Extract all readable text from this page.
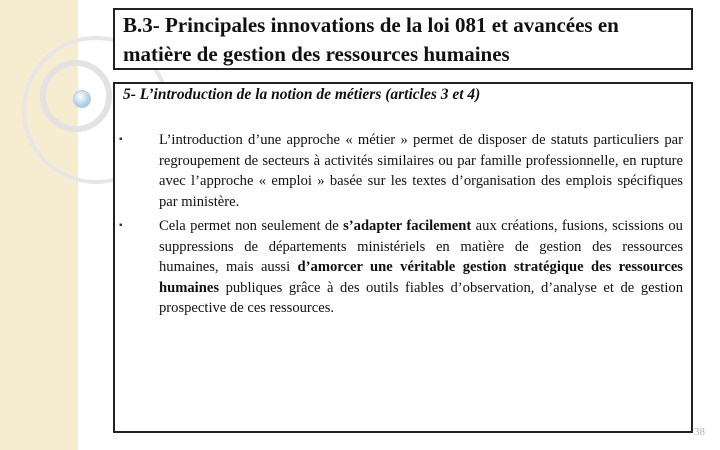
B.3- Principales innovations de la loi 081 et avancées en matière de gestion des ressources humaines
5- L’introduction de la notion de métiers (articles 3 et 4)
▪ L’introduction d’une approche « métier » permet de disposer de statuts particuliers par regroupement de secteurs à activités similaires ou par famille professionnelle, en rupture avec l’approche « emploi » basée sur les textes d’organisation des emplois spécifiques par ministère.
▪ Cela permet non seulement de s’adapter facilement aux créations, fusions, scissions ou suppressions de départements ministériels en matière de gestion des ressources humaines, mais aussi d’amorcer une véritable gestion stratégique des ressources humaines publiques grâce à des outils fiables d’observation, d’analyse et de gestion prospective de ces ressources.
38
